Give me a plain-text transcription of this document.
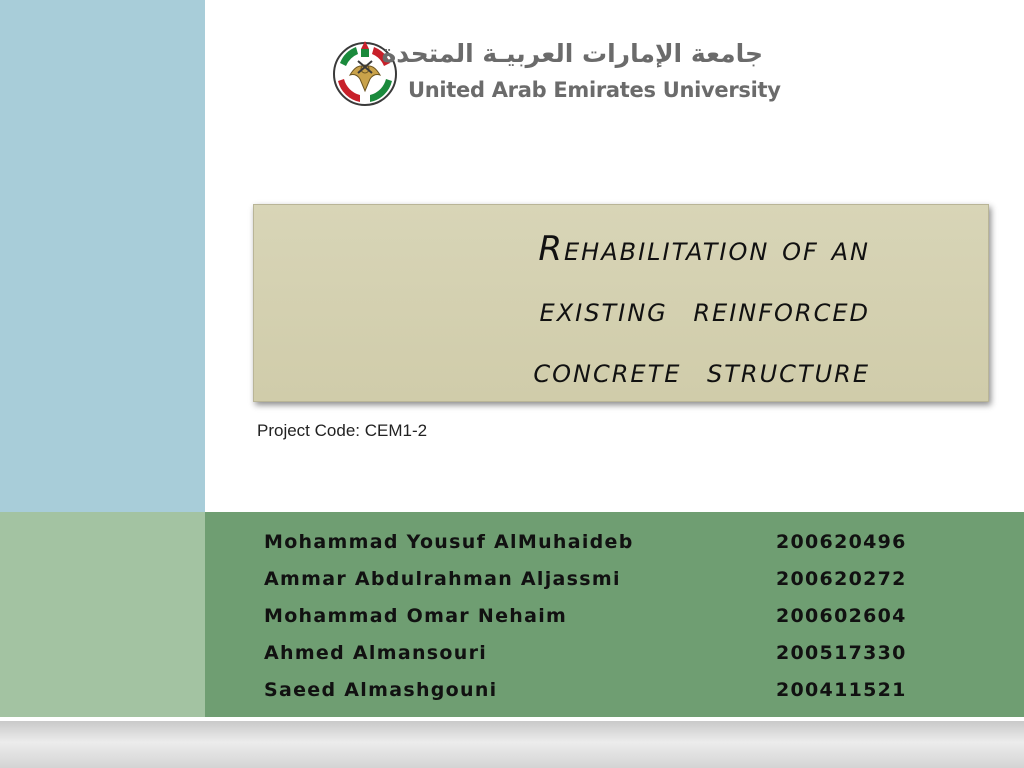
جامعة الإمارات العربيـة المتحدة
United Arab Emirates University
Rehabilitation of an
existing  reinforced
concrete  structure
Project Code: CEM1-2
Mohammad Yousuf AlMuhaideb	200620496
Ammar Abdulrahman Aljassmi	200620272
Mohammad Omar Nehaim	200602604
Ahmed Almansouri	200517330
Saeed Almashgouni	200411521
